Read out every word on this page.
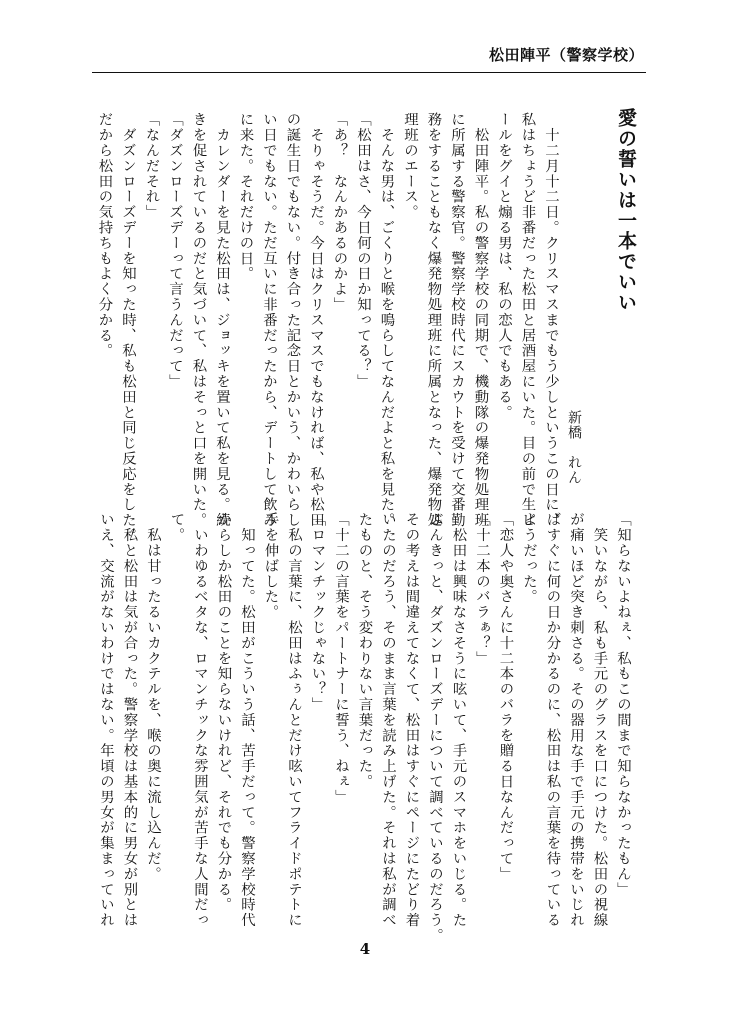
松田陣平（警察学校）
愛の誓いは一本でいい
新橋　れん

　十二月十二日。クリスマスまでもう少しというこの日に、

私はちょうど非番だった松田と居酒屋にいた。目の前で生ビ

ールをグイと煽る男は、私の恋人でもある。

　松田陣平。私の警察学校の同期で、機動隊の爆発物処理班

に所属する警察官。警察学校時代にスカウトを受けて交番勤

務をすることもなく爆発物処理班に所属となった、爆発物処

理班のエース。

　そんな男は、ごくりと喉を鳴らしてなんだよと私を見た。

「松田はさ、今日何の日か知ってる？」

「あ？　なんかあるのかよ」

　そりゃそうだ。今日はクリスマスでもなければ、私や松田

の誕生日でもない。付き合った記念日とかいう、かわいらし

い日でもない。ただ互いに非番だったから、デートして飲み

に来た。それだけの日。

　カレンダーを見た松田は、ジョッキを置いて私を見る。続

きを促されているのだと気づいて、私はそっと口を開いた。

「ダズンローズデーって言うんだって」

「なんだそれ」

　ダズンローズデーを知った時、私も松田と同じ反応をした。

だから松田の気持ちもよく分かる。

「知らないよねぇ、私もこの間まで知らなかったもん」

　笑いながら、私も手元のグラスを口につけた。松田の視線

が痛いほど突き刺さる。その器用な手で手元の携帯をいじれ

ばすぐに何の日か分かるのに、松田は私の言葉を待っている

ようだった。

「恋人や奥さんに十二本のバラを贈る日なんだって」

「十二本のバラぁ？」

　松田は興味なさそうに呟いて、手元のスマホをいじる。た

ぶんきっと、ダズンローズデーについて調べているのだろう。

その考えは間違えてなくて、松田はすぐにページにたどり着

いたのだろう、そのまま言葉を読み上げた。それは私が調べ

たものと、そう変わりない言葉だった。

「十二の言葉をパートナーに誓う、ねぇ」

「ロマンチックじゃない？」

　私の言葉に、松田はふぅんとだけ呟いてフライドポテトに

手を伸ばした。

　知ってた。松田がこういう話、苦手だって。警察学校時代

からしか松田のことを知らないけれど、それでも分かる。

　いわゆるベタな、ロマンチックな雰囲気が苦手な人間だっ

て。

　私は甘ったるいカクテルを、喉の奥に流し込んだ。

　私と松田は気が合った。警察学校は基本的に男女が別とは

いえ、交流がないわけではない。年頃の男女が集まっていれ

4
